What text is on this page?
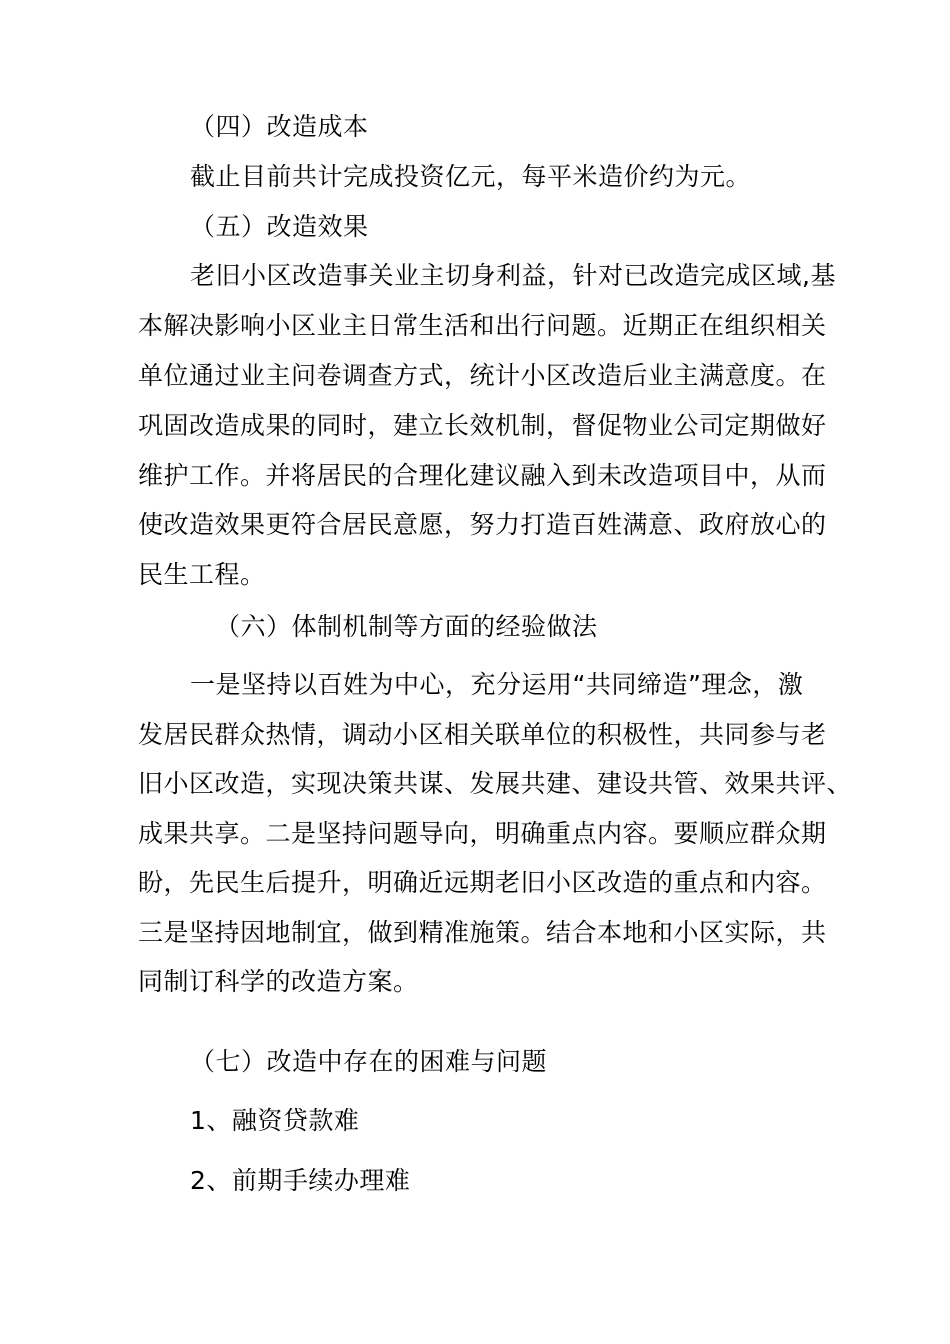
（四）改造成本
截止目前共计完成投资亿元，每平米造价约为元。
（五）改造效果
老旧小区改造事关业主切身利益，针对已改造完成区域,基
本解决影响小区业主日常生活和出行问题。近期正在组织相关
单位通过业主问卷调查方式，统计小区改造后业主满意度。在
巩固改造成果的同时，建立长效机制，督促物业公司定期做好
维护工作。并将居民的合理化建议融入到未改造项目中，从而
使改造效果更符合居民意愿，努力打造百姓满意、政府放心的
民生工程。
（六）体制机制等方面的经验做法
一是坚持以百姓为中心，充分运用“共同缔造”理念，激
发居民群众热情，调动小区相关联单位的积极性，共同参与老
旧小区改造，实现决策共谋、发展共建、建设共管、效果共评、
成果共享。二是坚持问题导向，明确重点内容。要顺应群众期
盼，先民生后提升，明确近远期老旧小区改造的重点和内容。
三是坚持因地制宜，做到精准施策。结合本地和小区实际，共
同制订科学的改造方案。
（七）改造中存在的困难与问题
1、融资贷款难
2、前期手续办理难
